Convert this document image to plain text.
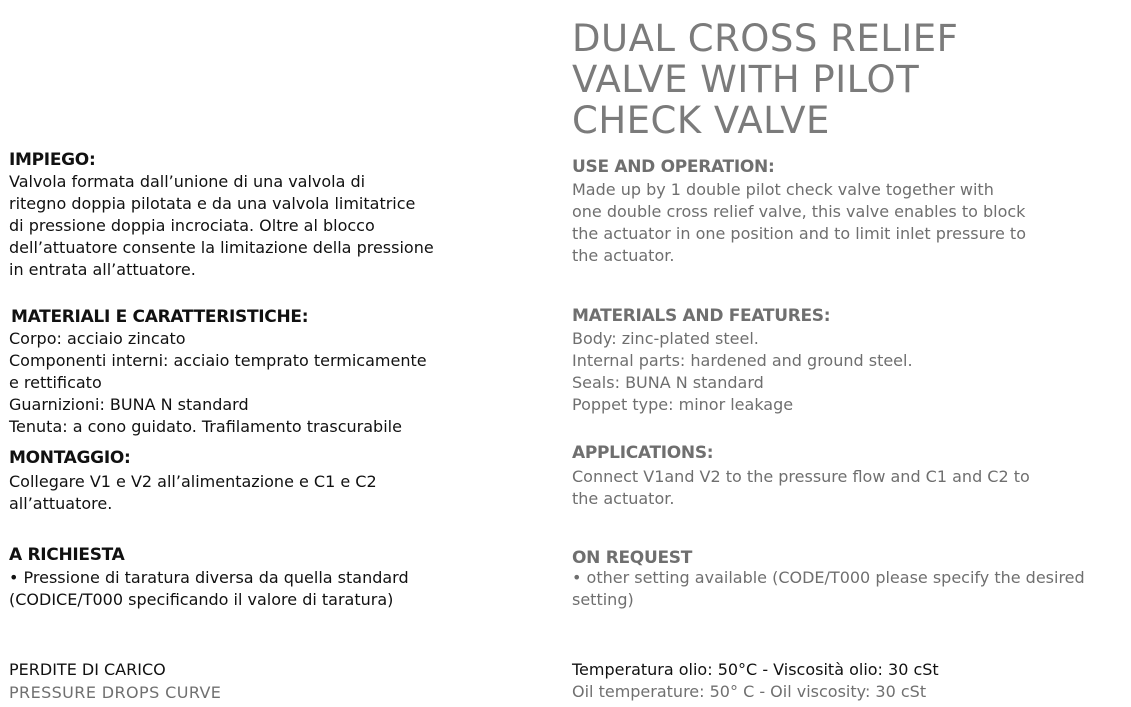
DUAL CROSS RELIEF
VALVE WITH PILOT
CHECK VALVE
IMPIEGO:
Valvola formata dall’unione di una valvola di
ritegno doppia pilotata e da una valvola limitatrice
di pressione doppia incrociata. Oltre al blocco
dell’attuatore consente la limitazione della pressione
in entrata all’attuatore.
MATERIALI E CARATTERISTICHE:
Corpo: acciaio zincato
Componenti interni: acciaio temprato termicamente
e rettificato
Guarnizioni: BUNA N standard
Tenuta: a cono guidato. Trafilamento trascurabile
MONTAGGIO:
Collegare V1 e V2 all’alimentazione e C1 e C2
all’attuatore.
A RICHIESTA
• Pressione di taratura diversa da quella standard
(CODICE/T000 specificando il valore di taratura)
PERDITE DI CARICO
PRESSURE DROPS CURVE
USE AND OPERATION:
Made up by 1 double pilot check valve together with
one double cross relief valve, this valve enables to block
the actuator in one position and to limit inlet pressure to
the actuator.
MATERIALS AND FEATURES:
Body: zinc-plated steel.
Internal parts: hardened and ground steel.
Seals: BUNA N standard
Poppet type: minor leakage
APPLICATIONS:
Connect V1and V2 to the pressure flow and C1 and C2 to
the actuator.
ON REQUEST
• other setting available (CODE/T000 please specify the desired
setting)
Temperatura olio: 50°C - Viscosità olio: 30 cSt
Oil temperature: 50° C - Oil viscosity: 30 cSt
